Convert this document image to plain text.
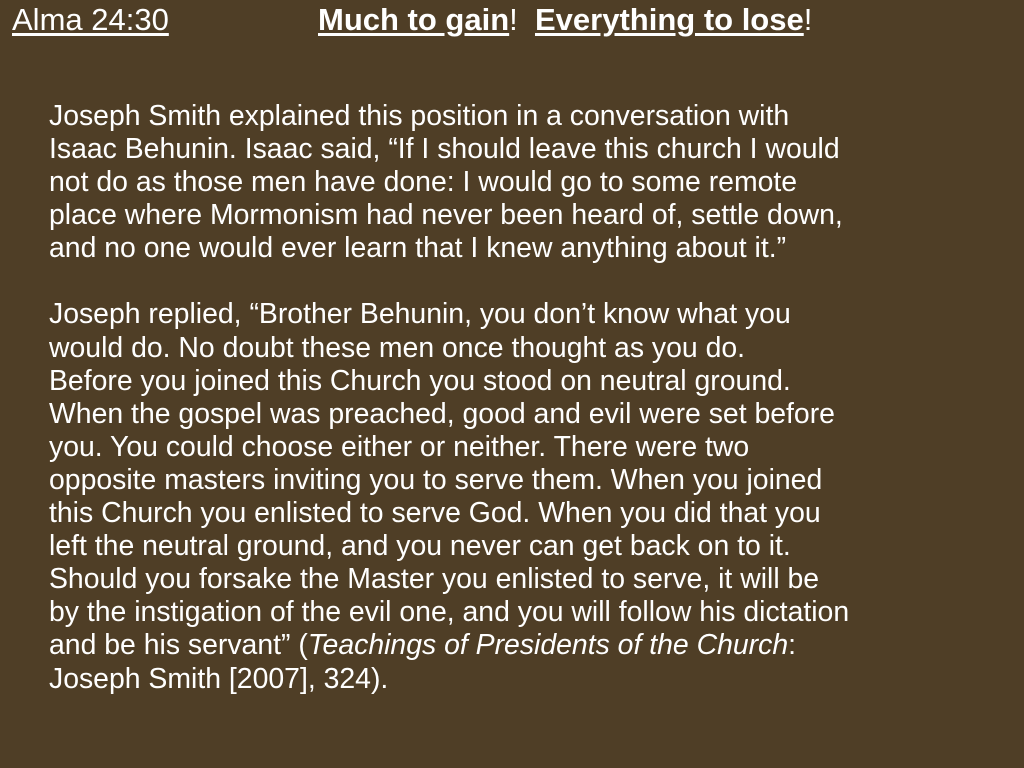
Alma 24:30	Much to gain!  Everything to lose!
Joseph Smith explained this position in a conversation with
Isaac Behunin. Isaac said, “If I should leave this church I would
not do as those men have done: I would go to some remote
place where Mormonism had never been heard of, settle down,
and no one would ever learn that I knew anything about it.”
Joseph replied, “Brother Behunin, you don’t know what you
would do. No doubt these men once thought as you do.
Before you joined this Church you stood on neutral ground.
When the gospel was preached, good and evil were set before
you. You could choose either or neither. There were two
opposite masters inviting you to serve them. When you joined
this Church you enlisted to serve God. When you did that you
left the neutral ground, and you never can get back on to it.
Should you forsake the Master you enlisted to serve, it will be
by the instigation of the evil one, and you will follow his dictation
and be his servant” (Teachings of Presidents of the Church:
Joseph Smith [2007], 324).
